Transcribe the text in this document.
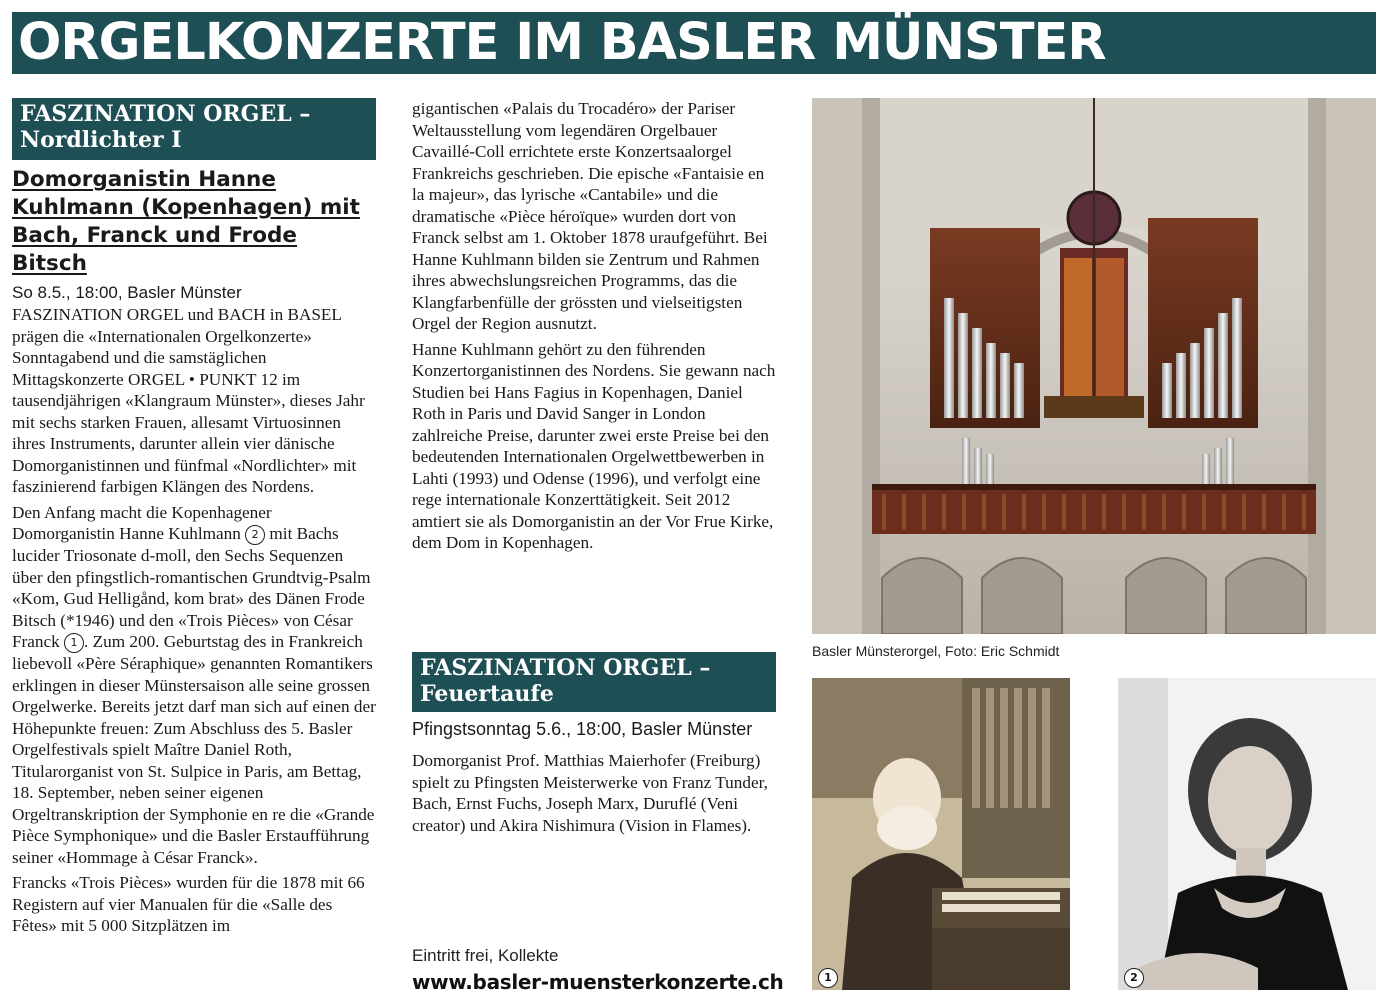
ORGELKONZERTE IM BASLER MÜNSTER
FASZINATION ORGEL –
Nordlichter I
Domorganistin Hanne Kuhlmann (Kopenhagen) mit Bach, Franck und Frode Bitsch
So 8.5., 18:00, Basler Münster

FASZINATION ORGEL und BACH in BASEL prägen die «Internationalen Orgelkonzerte» Sonntagabend und die samstäglichen Mittagskonzerte ORGEL • PUNKT 12 im tausendjährigen «Klangraum Münster», dieses Jahr mit sechs starken Frauen, allesamt Virtuosinnen ihres Instruments, darunter allein vier dänische Domorganistinnen und fünfmal «Nordlichter» mit faszinierend farbigen Klängen des Nordens.

Den Anfang macht die Kopenhagener Domorganistin Hanne Kuhlmann 2 mit Bachs lucider Triosonate d-moll, den Sechs Sequenzen über den pfingstlich-romantischen Grundtvig-Psalm «Kom, Gud Helligånd, kom brat» des Dänen Frode Bitsch (*1946) und den «Trois Pièces» von César Franck 1 . Zum 200. Geburtstag des in Frankreich liebevoll «Père Séraphique» genannten Romantikers erklingen in dieser Münstersaison alle seine grossen Orgelwerke. Bereits jetzt darf man sich auf einen der Höhepunkte freuen: Zum Abschluss des 5. Basler Orgelfestivals spielt Maître Daniel Roth, Titularorganist von St. Sulpice in Paris, am Bettag, 18. September, neben seiner eigenen Orgeltranskription der Symphonie en re die «Grande Pièce Symphonique» und die Basler Erstaufführung seiner «Hommage à César Franck».

Francks «Trois Pièces» wurden für die 1878 mit 66 Registern auf vier Manualen für die «Salle des Fêtes» mit 5 000 Sitzplätzen im

gigantischen «Palais du Trocadéro» der Pariser Weltausstellung vom legendären Orgelbauer Cavaillé-Coll errichtete erste Konzertsaalorgel Frankreichs geschrieben. Die epische «Fantaisie en la majeur», das lyrische «Cantabile» und die dramatische «Pièce héroïque» wurden dort von Franck selbst am 1. Oktober 1878 uraufgeführt. Bei Hanne Kuhlmann bilden sie Zentrum und Rahmen ihres abwechslungsreichen Programms, das die Klangfarbenfülle der grössten und vielseitigsten Orgel der Region ausnutzt.

Hanne Kuhlmann gehört zu den führenden Konzertorganistinnen des Nordens. Sie gewann nach Studien bei Hans Fagius in Kopenhagen, Daniel Roth in Paris und David Sanger in London zahlreiche Preise, darunter zwei erste Preise bei den bedeutenden Internationalen Orgelwettbewerben in Lahti (1993) und Odense (1996), und verfolgt eine rege internationale Konzerttätigkeit. Seit 2012 amtiert sie als Domorganistin an der Vor Frue Kirke, dem Dom in Kopenhagen.

FASZINATION ORGEL –
Feuertaufe
Pfingstsonntag 5.6., 18:00, Basler Münster

Domorganist Prof. Matthias Maierhofer (Freiburg) spielt zu Pfingsten Meisterwerke von Franz Tunder, Bach, Ernst Fuchs, Joseph Marx, Duruflé (Veni creator) und Akira Nishimura (Vision in Flames).

Eintritt frei, Kollekte
www.basler-muensterkonzerte.ch
Basler Münsterorgel, Foto: Eric Schmidt
1	2
